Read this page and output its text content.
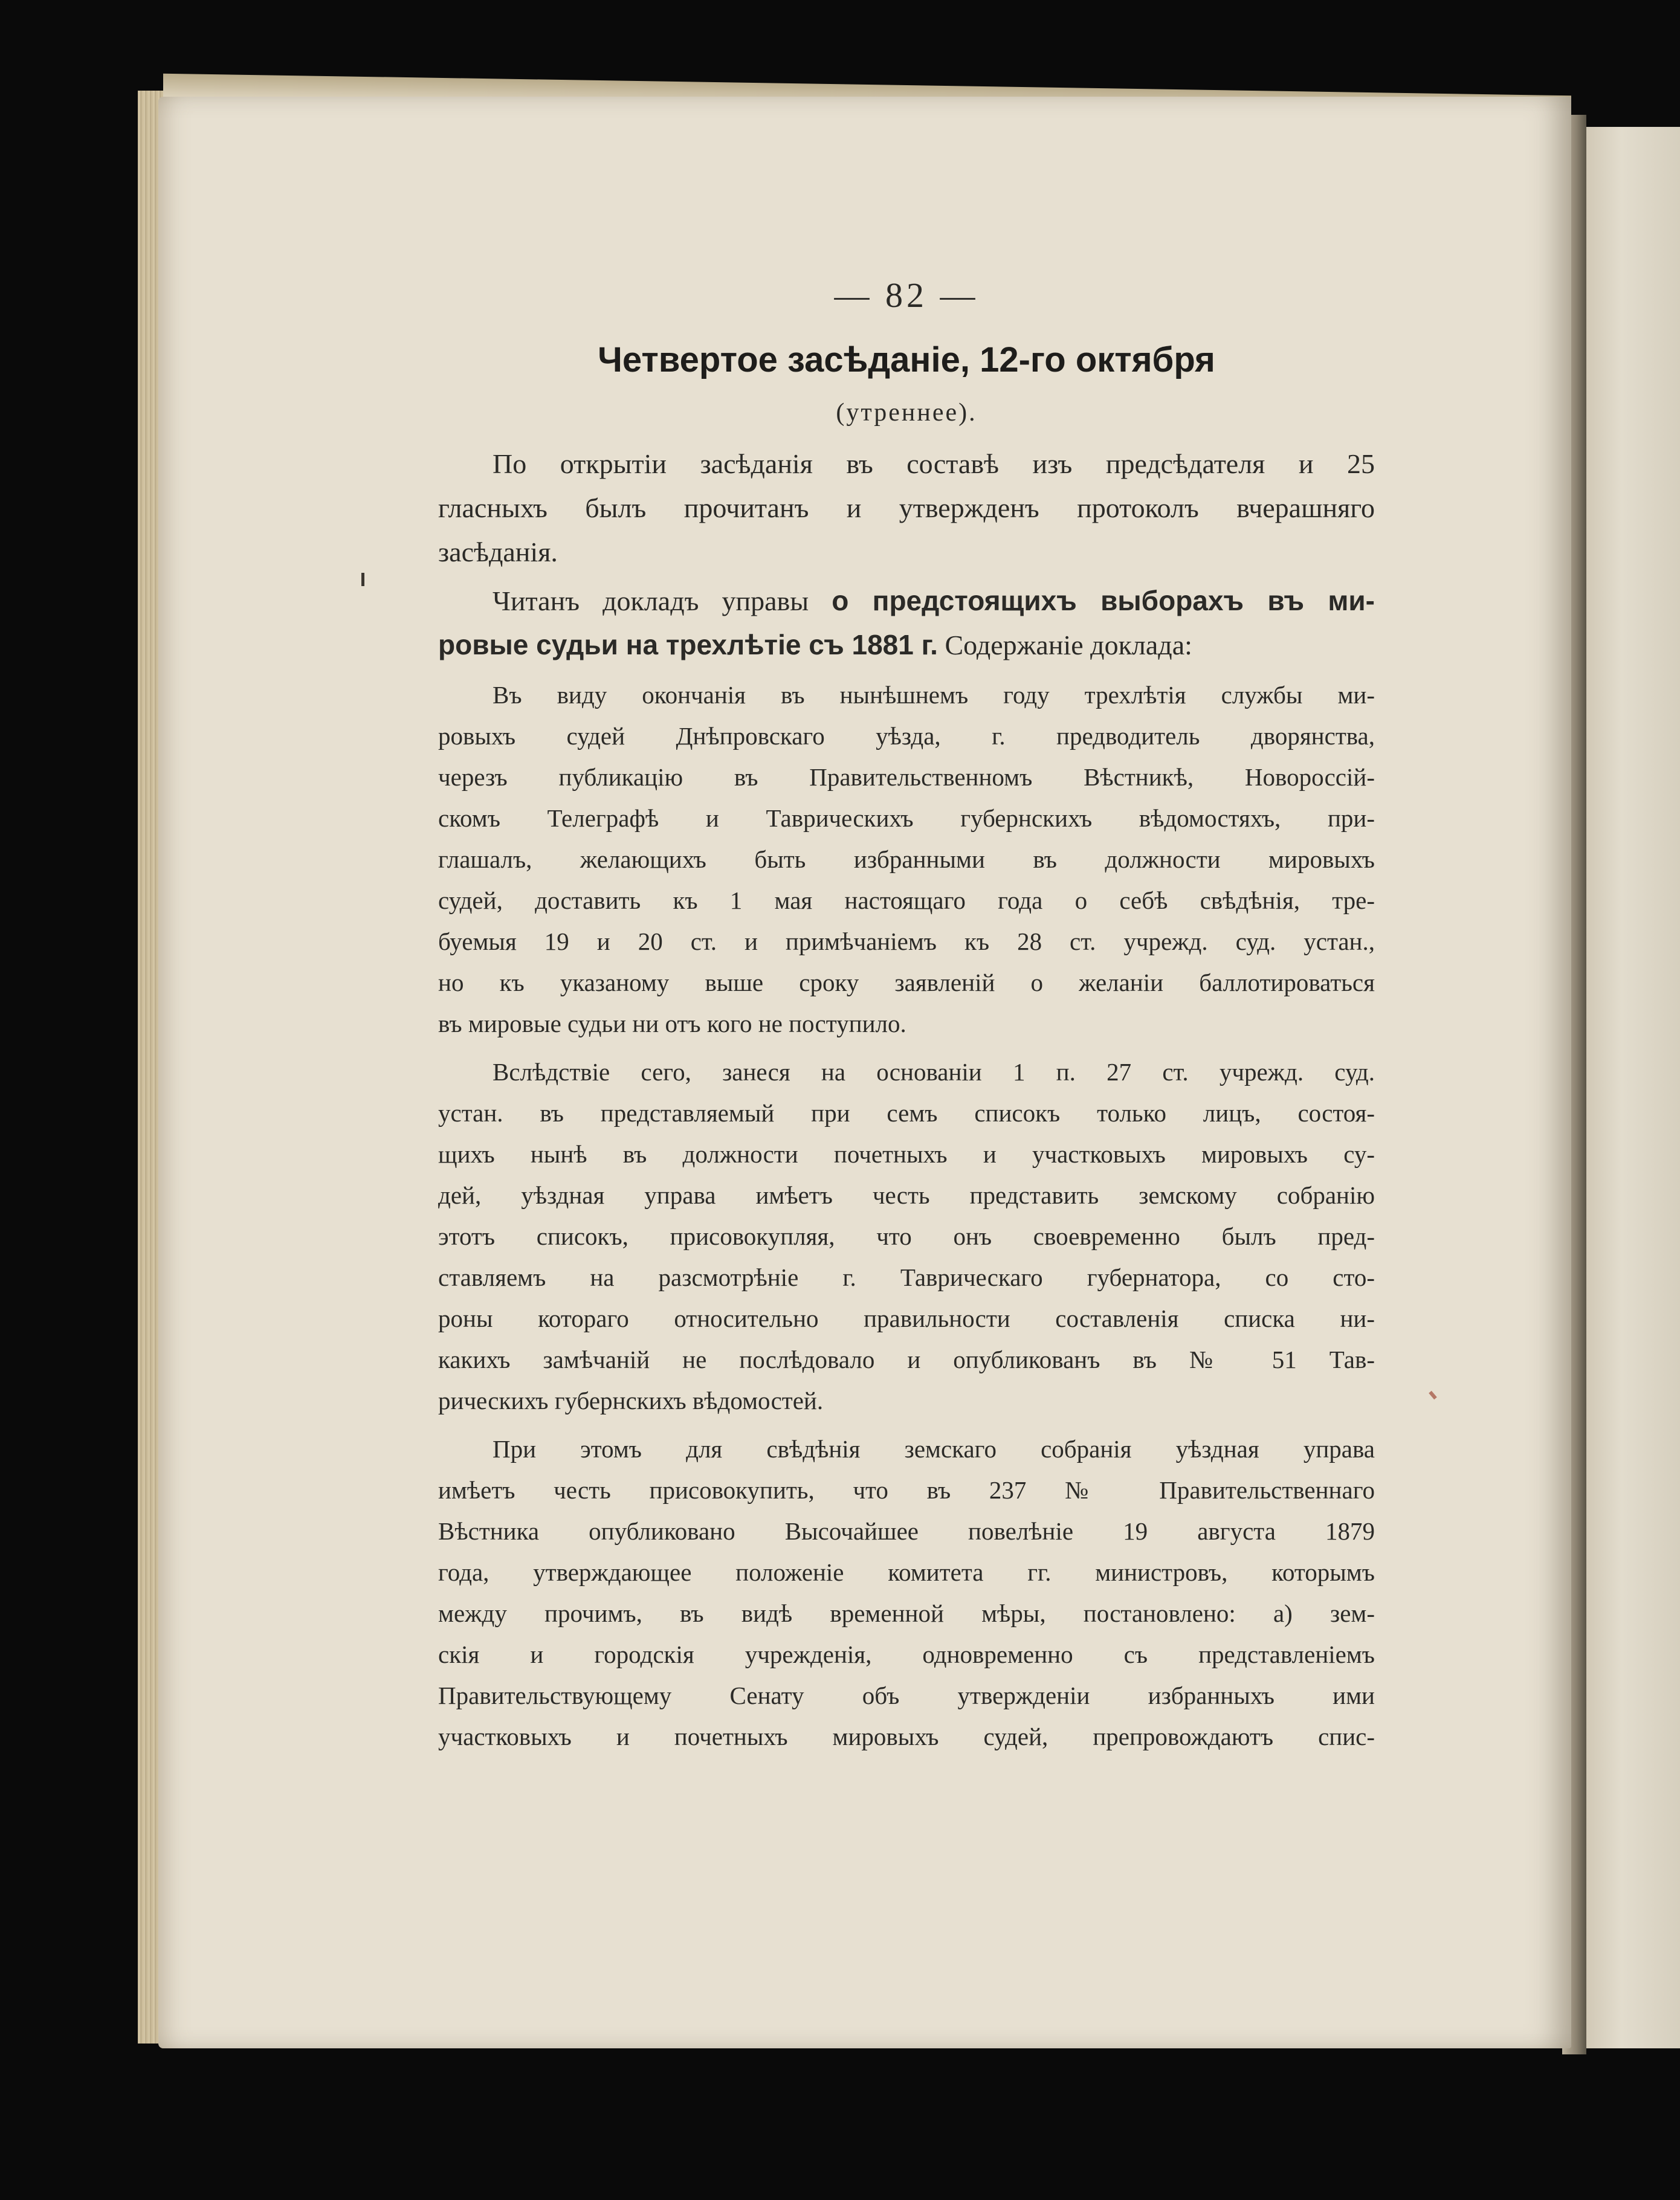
— 82 —
Четвертое засѣданіе, 12-го октября
(утреннее).
По открытіи засѣданія въ составѣ изъ предсѣдателя и 25
гласныхъ былъ прочитанъ и утвержденъ протоколъ вчерашняго
засѣданія.
Читанъ докладъ управы о предстоящихъ выборахъ въ ми-
ровые судьи на трехлѣтіе съ 1881 г. Содержаніе доклада:
Въ виду окончанія въ нынѣшнемъ году трехлѣтія службы ми-
ровыхъ судей Днѣпровскаго уѣзда, г. предводитель дворянства,
черезъ публикацію въ Правительственномъ Вѣстникѣ, Новороссій-
скомъ Телеграфѣ и Таврическихъ губернскихъ вѣдомостяхъ, при-
глашалъ, желающихъ быть избранными въ должности мировыхъ
судей, доставить къ 1 мая настоящаго года о себѣ свѣдѣнія, тре-
буемыя 19 и 20 ст. и примѣчаніемъ къ 28 ст. учрежд. суд. устан.,
но къ указаному выше сроку заявленій о желаніи баллотироваться
въ мировые судьи ни отъ кого не поступило.
Вслѣдствіе сего, занеся на основаніи 1 п. 27 ст. учрежд. суд.
устан. въ представляемый при семъ списокъ только лицъ, состоя-
щихъ нынѣ въ должности почетныхъ и участковыхъ мировыхъ су-
дей, уѣздная управа имѣетъ честь представить земскому собранію
этотъ списокъ, присовокупляя, что онъ своевременно былъ пред-
ставляемъ на разсмотрѣніе г. Таврическаго губернатора, со сто-
роны котораго относительно правильности составленія списка ни-
какихъ замѣчаній не послѣдовало и опубликованъ въ № 51 Тав-
рическихъ губернскихъ вѣдомостей.
При этомъ для свѣдѣнія земскаго собранія уѣздная управа
имѣетъ честь присовокупить, что въ 237 № Правительственнаго
Вѣстника опубликовано Высочайшее повелѣніе 19 августа 1879
года, утверждающее положеніе комитета гг. министровъ, которымъ
между прочимъ, въ видѣ временной мѣры, постановлено: а) зем-
скія и городскія учрежденія, одновременно съ представленіемъ
Правительствующему Сенату объ утвержденіи избранныхъ ими
участковыхъ и почетныхъ мировыхъ судей, препровождаютъ спис-
